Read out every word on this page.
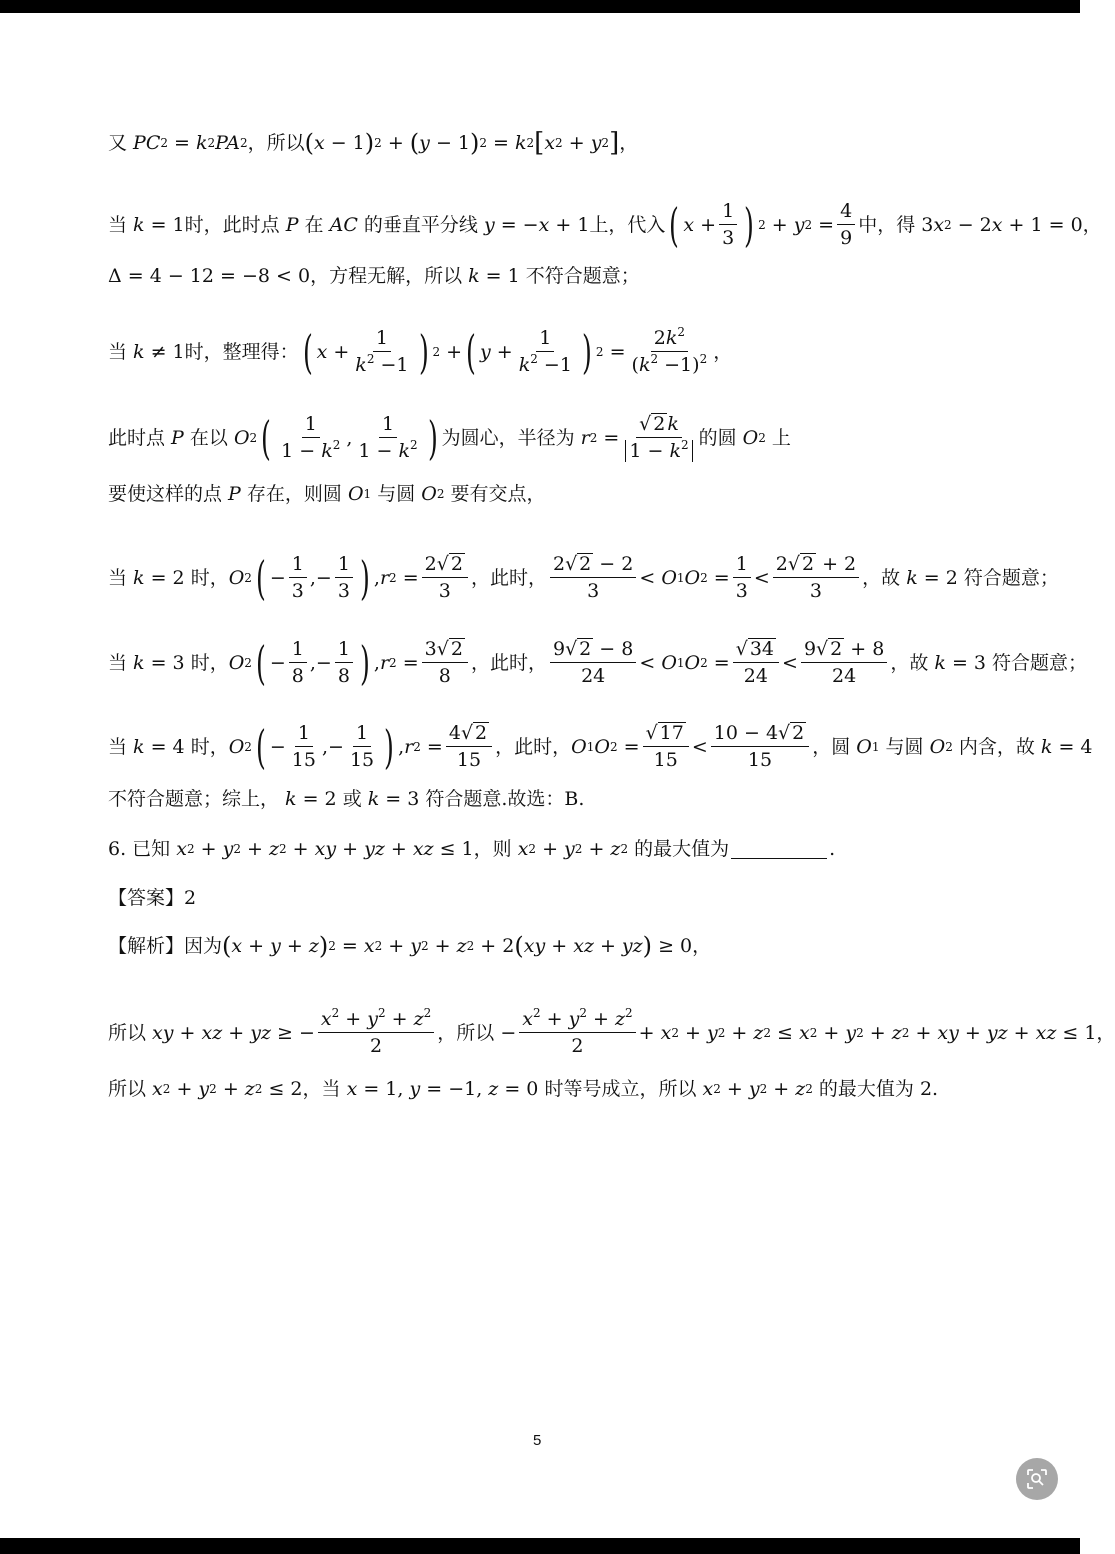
又 PC 2 = k 2 PA 2 ，所以 ( x − 1 ) 2 + ( y − 1 ) 2 = k 2 [ x 2 + y 2 ] ，
当 k = 1时，此时点 P 在 AC 的垂直平分线 y = − x + 1上，代入 ( $x + \frac{1}{3}$ ) 2 + y $2 = \frac{4}{9}$ 中，得 3 x 2 − 2 x + 1 = 0，
Δ = 4 − 12 = −8 < 0，方程无解，所以 k = 1 不符合题意；
当 k ≠ 1时，整理得： ( $x + \frac{1}{k^2 -1}$ ) 2 + ( $y + \frac{1}{k^2 -1}$ ) $2 = \frac{2k^2}{(k^2 -1)^2}$ ，
此时点 P 在以 O 2 ( $\frac{1}{1 - k^2}$ , $\frac{1}{1 - k^2}$ ) 为圆心，半径为 r $2 = \frac{√ 2 k}{1 - k^2}$ 的圆 O 2 上
要使这样的点 P 存在，则圆 O 1 与圆 O 2 要有交点，
当 k = 2 时， O 2 ( − $\frac{1}{3}$ ,− $\frac{1}{3}$ ) , r $2 = \frac{2√ 2}{3}$ ，此时， $\frac{2√ 2 - 2}{3} < O$ 1 O $2 = \frac{1}{3} < \frac{2√ 2 + 2}{3}$ ，故 k = 2 符合题意；
当 k = 3 时， O 2 ( − $\frac{1}{8}$ ,− $\frac{1}{8}$ ) , r $2 = \frac{3√ 2}{8}$ ，此时， $\frac{9√ 2 - 8}{24} < O$ 1 O $2 = \frac{√ 34}{24} < \frac{9√ 2 + 8}{24}$ ，故 k = 3 符合题意；
当 k = 4 时， O 2 ( − $\frac{1}{15}$ ,− $\frac{1}{15}$ ) , r $2 = \frac{4√ 2}{15}$ ，此时， O 1 O $2 = \frac{√ 17}{15} < \frac{10 - 4√ 2}{15}$ ，圆 O 1 与圆 O 2 内含，故 k = 4
不符合题意；综上， k = 2 或 k = 3 符合题意.故选：B.
6. 已知 x 2 + y 2 + z 2 + xy + yz + xz ≤ 1，则 x 2 + y 2 + z 2 的最大值为	.
【答案】2
【解析】因为 ( x + y + z ) 2 = x 2 + y 2 + z 2 + 2 ( xy + xz + yz ) ≥ 0，
所以 xy + xz + yz ≥ − $\frac{x^2 + y^2 + z^2}{2}$ ，所以 − $\frac{x^2 + y^2 + z^2}{2} + x$ 2 + y 2 + z 2 ≤ x 2 + y 2 + z 2 + xy + yz + xz ≤ 1，
所以 x 2 + y 2 + z 2 ≤ 2，当 x = 1, y = −1, z = 0 时等号成立，所以 x 2 + y 2 + z 2 的最大值为 2.
5
